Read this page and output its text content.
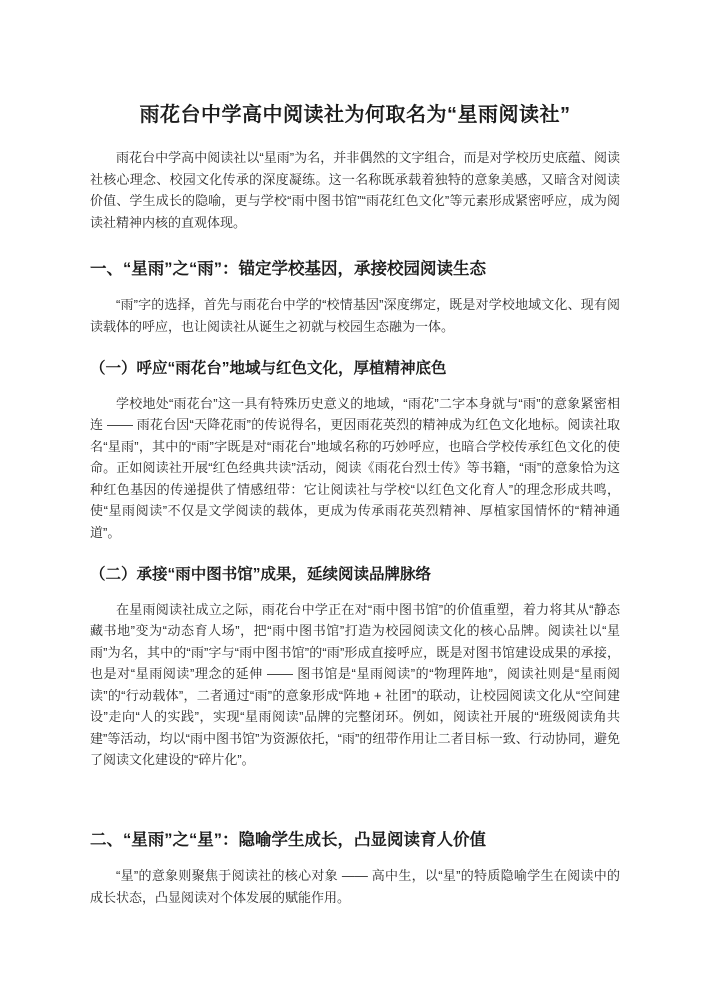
雨花台中学高中阅读社为何取名为“星雨阅读社”

雨花台中学高中阅读社以“星雨”为名，并非偶然的文字组合，而是对学校历史底蕴、阅读社核心理念、校园文化传承的深度凝练。这一名称既承载着独特的意象美感，又暗含对阅读价值、学生成长的隐喻，更与学校“雨中图书馆”“雨花红色文化”等元素形成紧密呼应，成为阅读社精神内核的直观体现。

一、“星雨”之“雨”：锚定学校基因，承接校园阅读生态

“雨”字的选择，首先与雨花台中学的“校情基因”深度绑定，既是对学校地域文化、现有阅读载体的呼应，也让阅读社从诞生之初就与校园生态融为一体。

（一）呼应“雨花台”地域与红色文化，厚植精神底色

学校地处“雨花台”这一具有特殊历史意义的地域，“雨花”二字本身就与“雨”的意象紧密相连 —— 雨花台因“天降花雨”的传说得名，更因雨花英烈的精神成为红色文化地标。阅读社取名“星雨”，其中的“雨”字既是对“雨花台”地域名称的巧妙呼应，也暗合学校传承红色文化的使命。正如阅读社开展“红色经典共读”活动，阅读《雨花台烈士传》等书籍，“雨”的意象恰为这种红色基因的传递提供了情感纽带：它让阅读社与学校“以红色文化育人”的理念形成共鸣，使“星雨阅读”不仅是文学阅读的载体，更成为传承雨花英烈精神、厚植家国情怀的“精神通道”。

（二）承接“雨中图书馆”成果，延续阅读品牌脉络

在星雨阅读社成立之际，雨花台中学正在对“雨中图书馆”的价值重塑，着力将其从“静态藏书地”变为“动态育人场”，把“雨中图书馆”打造为校园阅读文化的核心品牌。阅读社以“星雨”为名，其中的“雨”字与“雨中图书馆”的“雨”形成直接呼应，既是对图书馆建设成果的承接，也是对“星雨阅读”理念的延伸 —— 图书馆是“星雨阅读”的“物理阵地”，阅读社则是“星雨阅读”的“行动载体”，二者通过“雨”的意象形成“阵地 + 社团”的联动，让校园阅读文化从“空间建设”走向“人的实践”，实现“星雨阅读”品牌的完整闭环。例如，阅读社开展的“班级阅读角共建”等活动，均以“雨中图书馆”为资源依托，“雨”的纽带作用让二者目标一致、行动协同，避免了阅读文化建设的“碎片化”。

二、“星雨”之“星”：隐喻学生成长，凸显阅读育人价值

“星”的意象则聚焦于阅读社的核心对象 —— 高中生，以“星”的特质隐喻学生在阅读中的成长状态，凸显阅读对个体发展的赋能作用。
